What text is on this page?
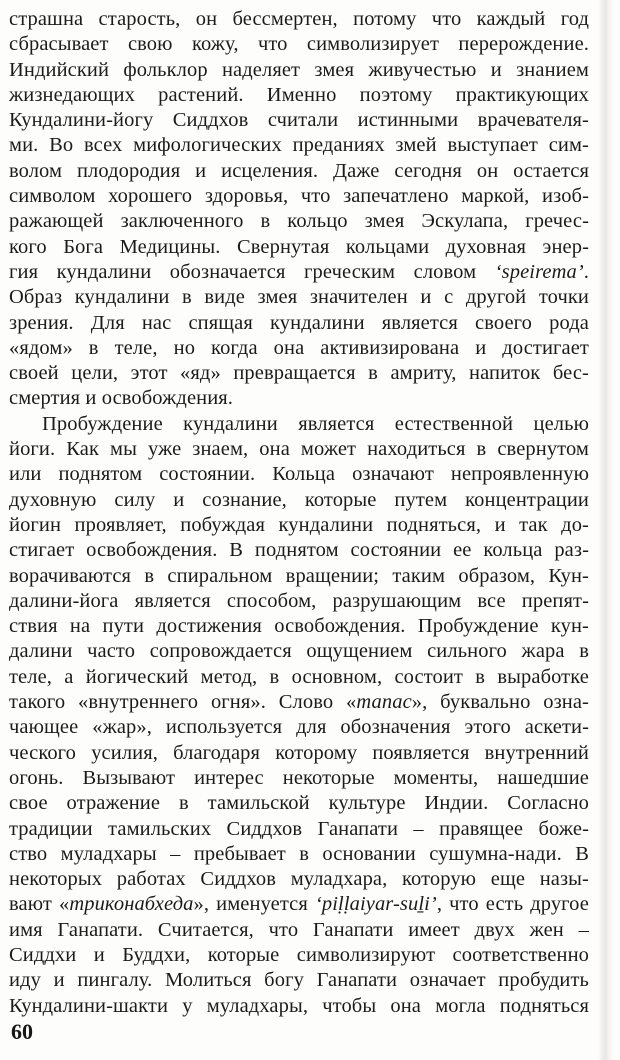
страшна старость, он бессмертен, потому что каждый год
сбрасывает свою кожу, что символизирует перерождение.
Индийский фольклор наделяет змея живучестью и знанием
жизнедающих растений. Именно поэтому практикующих
Кундалини-йогу Сиддхов считали истинными врачевателя-
ми. Во всех мифологических преданиях змей выступает сим-
волом плодородия и исцеления. Даже сегодня он остается
символом хорошего здоровья, что запечатлено маркой, изоб-
ражающей заключенного в кольцо змея Эскулапа, гречес-
кого Бога Медицины. Свернутая кольцами духовная энер-
гия кундалини обозначается греческим словом ‘speirema’.
Образ кундалини в виде змея значителен и с другой точки
зрения. Для нас спящая кундалини является своего рода
«ядом» в теле, но когда она активизирована и достигает
своей цели, этот «яд» превращается в амриту, напиток бес-
смертия и освобождения.
Пробуждение кундалини является естественной целью
йоги. Как мы уже знаем, она может находиться в свернутом
или поднятом состоянии. Кольца означают непроявленную
духовную силу и сознание, которые путем концентрации
йогин проявляет, побуждая кундалини подняться, и так до-
стигает освобождения. В поднятом состоянии ее кольца раз-
ворачиваются в спиральном вращении; таким образом, Кун-
далини-йога является способом, разрушающим все препят-
ствия на пути достижения освобождения. Пробуждение кун-
далини часто сопровождается ощущением сильного жара в
теле, а йогический метод, в основном, состоит в выработке
такого «внутреннего огня». Слово «тапас», буквально озна-
чающее «жар», используется для обозначения этого аскети-
ческого усилия, благодаря которому появляется внутренний
огонь. Вызывают интерес некоторые моменты, нашедшие
свое отражение в тамильской культуре Индии. Согласно
традиции тамильских Сиддхов Ганапати – правящее боже-
ство муладхары – пребывает в основании сушумна-нади. В
некоторых работах Сиддхов муладхара, которую еще назы-
вают «триконабхеда», именуется ‘piḷḷaiyar-suḻi’, что есть другое
имя Ганапати. Считается, что Ганапати имеет двух жен –
Сиддхи и Буддхи, которые символизируют соответственно
иду и пингалу. Молиться богу Ганапати означает пробудить
Кундалини-шакти у муладхары, чтобы она могла подняться
60
